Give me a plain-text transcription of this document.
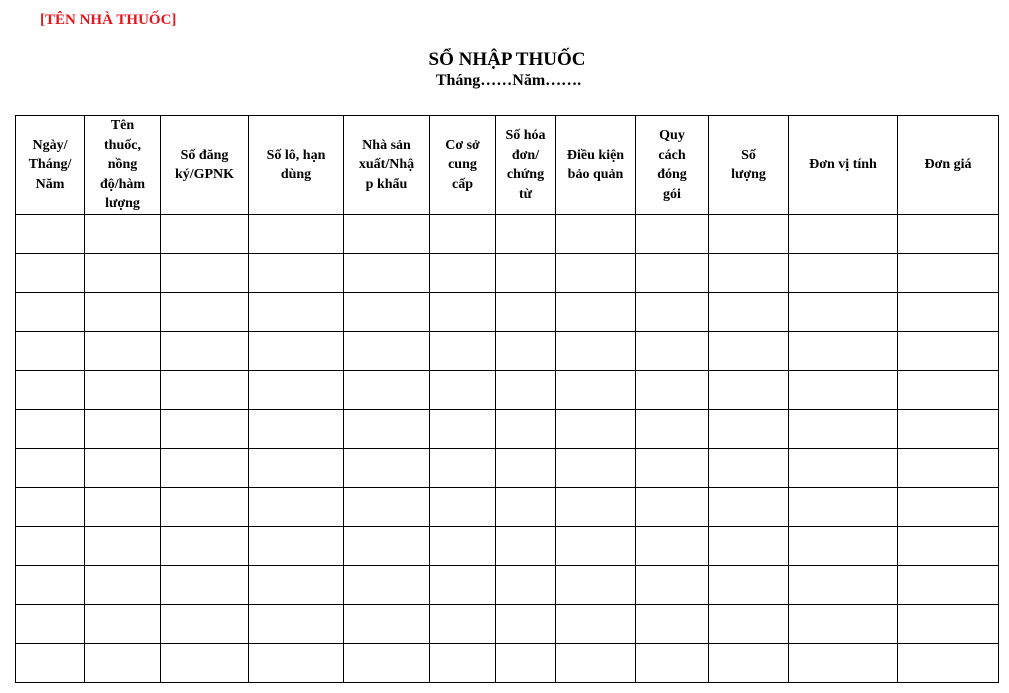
[TÊN NHÀ THUỐC]
SỔ NHẬP THUỐC
Tháng……Năm…….
Ngày/
Tháng/
Năm	Tên
thuốc,
nồng
độ/hàm
lượng	Số đăng
ký/GPNK	Số lô, hạn
dùng	Nhà sản
xuất/Nhậ
p khẩu	Cơ sở
cung
cấp	Số hóa
đơn/
chứng
từ	Điều kiện
bảo quản	Quy
cách
đóng
gói	Số
lượng	Đơn vị tính	Đơn giá
